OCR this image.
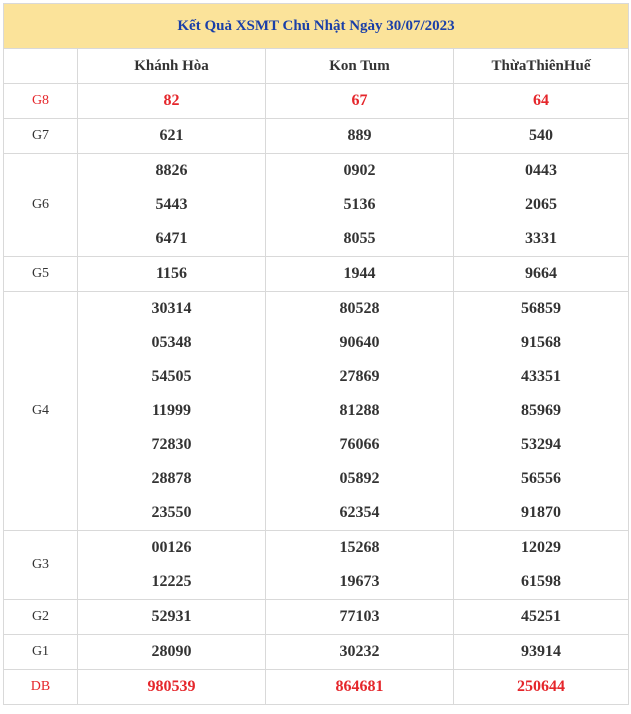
Kết Quả XSMT Chủ Nhật Ngày 30/07/2023			
	Khánh Hòa	Kon Tum	ThừaThiênHuế
G8	82	67	64
G7	621	889	540
G6	8826	0902	0443
	5443	5136	2065
	6471	8055	3331
G5	1156	1944	9664
G4	30314	80528	56859
	05348	90640	91568
	54505	27869	43351
	11999	81288	85969
	72830	76066	53294
	28878	05892	56556
	23550	62354	91870
G3	00126	15268	12029
	12225	19673	61598
G2	52931	77103	45251
G1	28090	30232	93914
DB	980539	864681	250644
